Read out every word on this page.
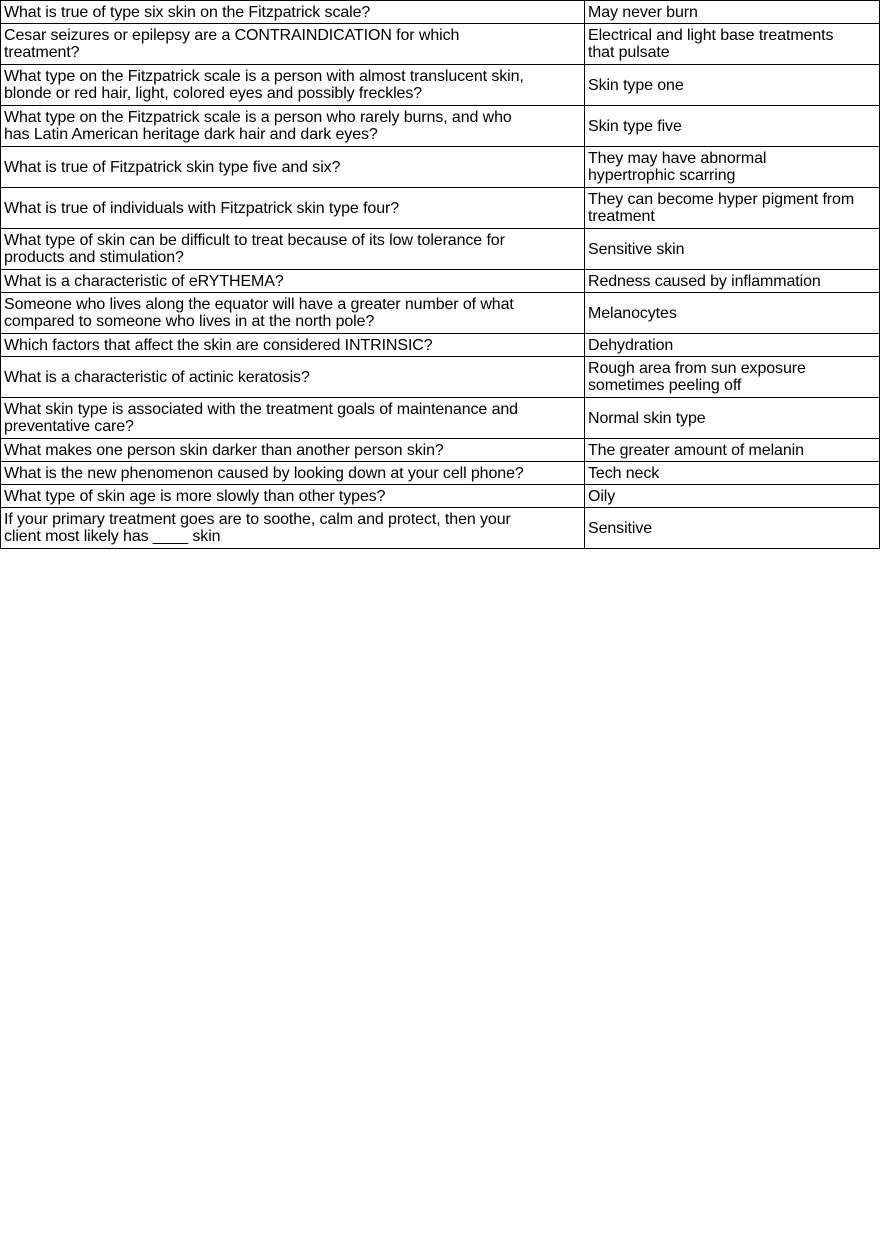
What is true of type six skin on the Fitzpatrick scale?	May never burn
Cesar seizures or epilepsy are a CONTRAINDICATION for which
treatment?	Electrical and light base treatments
that pulsate
What type on the Fitzpatrick scale is a person with almost translucent skin,
blonde or red hair, light, colored eyes and possibly freckles?	Skin type one
What type on the Fitzpatrick scale is a person who rarely burns, and who
has Latin American heritage dark hair and dark eyes?	Skin type five
What is true of Fitzpatrick skin type five and six?	They may have abnormal
hypertrophic scarring
What is true of individuals with Fitzpatrick skin type four?	They can become hyper pigment from
treatment
What type of skin can be difficult to treat because of its low tolerance for
products and stimulation?	Sensitive skin
What is a characteristic of eRYTHEMA?	Redness caused by inflammation
Someone who lives along the equator will have a greater number of what
compared to someone who lives in at the north pole?	Melanocytes
Which factors that affect the skin are considered INTRINSIC?	Dehydration
What is a characteristic of actinic keratosis?	Rough area from sun exposure
sometimes peeling off
What skin type is associated with the treatment goals of maintenance and
preventative care?	Normal skin type
What makes one person skin darker than another person skin?	The greater amount of melanin
What is the new phenomenon caused by looking down at your cell phone?	Tech neck
What type of skin age is more slowly than other types?	Oily
If your primary treatment goes are to soothe, calm and protect, then your
client most likely has ____ skin	Sensitive
